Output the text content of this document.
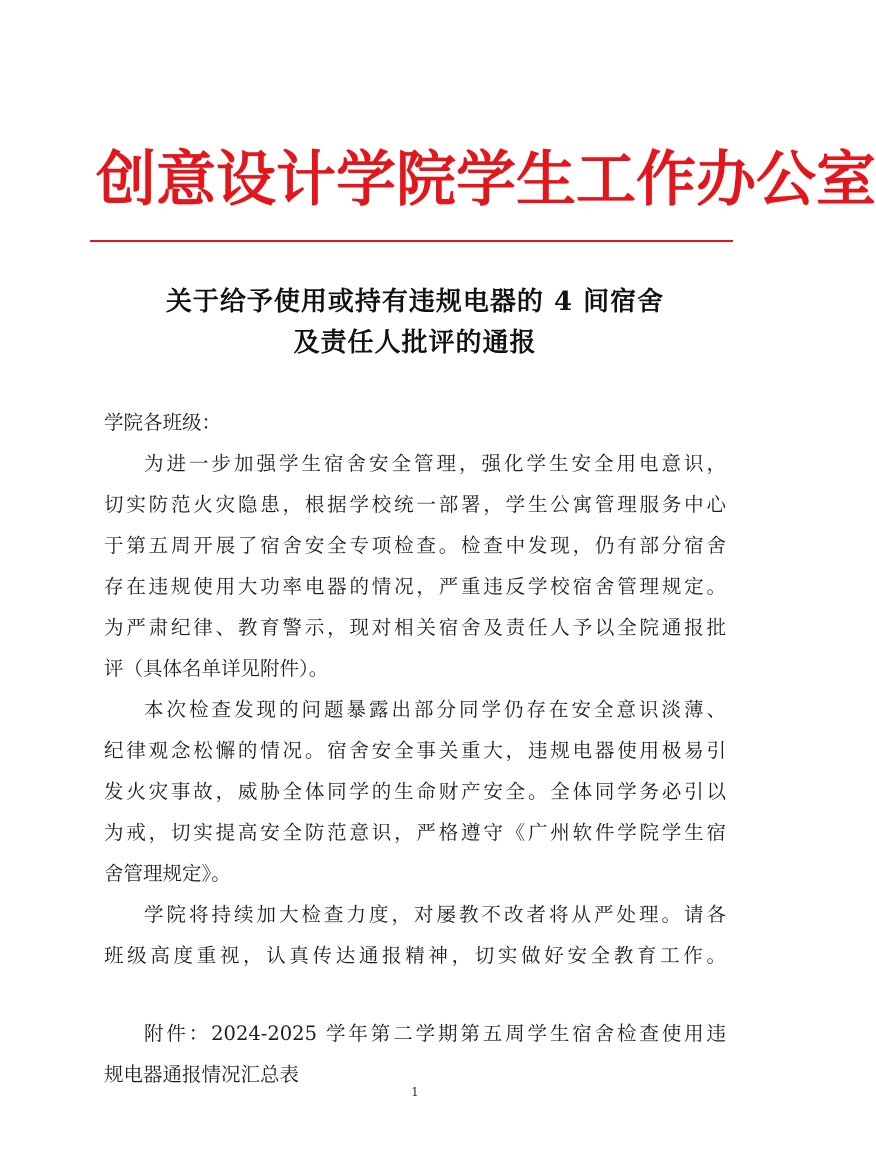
创 意 设 计 学 院 学 生 工 作 办 公 室
关于给予使用或持有违规电器的 4 间宿舍
及责任人批评的通报
学院各班级：
为进一步加强学生宿舍安全管理，强化学生安全用电意识，
切实防范火灾隐患，根据学校统一部署，学生公寓管理服务中心
于第五周开展了宿舍安全专项检查。检查中发现，仍有部分宿舍
存在违规使用大功率电器的情况，严重违反学校宿舍管理规定。
为严肃纪律、教育警示，现对相关宿舍及责任人予以全院通报批
评（具体名单详见附件）。
本次检查发现的问题暴露出部分同学仍存在安全意识淡薄、
纪律观念松懈的情况。宿舍安全事关重大，违规电器使用极易引
发火灾事故，威胁全体同学的生命财产安全。全体同学务必引以
为戒，切实提高安全防范意识，严格遵守《广州软件学院学生宿
舍管理规定》。
学院将持续加大检查力度，对屡教不改者将从严处理。请各
班级高度重视，认真传达通报精神，切实做好安全教育工作。
附件：2024-2025 学年第二学期第五周学生宿舍检查使用违
规电器通报情况汇总表
1
